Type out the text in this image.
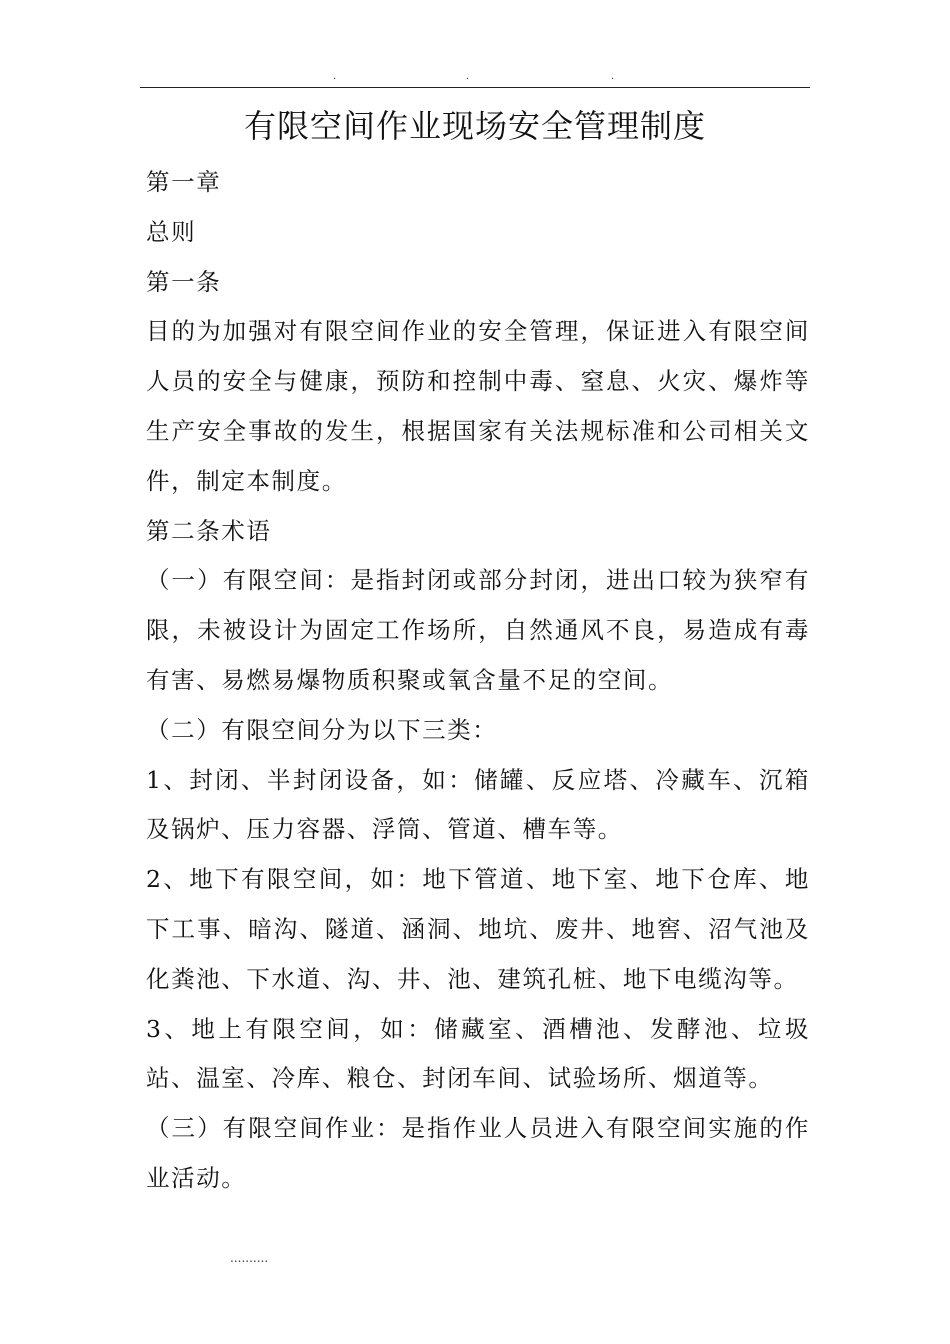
.	.	.
有限空间作业现场安全管理制度

第一章

总则

第一条

目的为加强对有限空间作业的安全管理，保证进入有限空间人员的安全与健康，预防和控制中毒、窒息、火灾、爆炸等生产安全事故的发生，根据国家有关法规标准和公司相关文件，制定本制度。

第二条术语

（一）有限空间：是指封闭或部分封闭，进出口较为狭窄有限，未被设计为固定工作场所，自然通风不良，易造成有毒有害、易燃易爆物质积聚或氧含量不足的空间。

（二）有限空间分为以下三类：

1、封闭、半封闭设备，如：储罐、反应塔、冷藏车、沉箱及锅炉、压力容器、浮筒、管道、槽车等。

2、地下有限空间，如：地下管道、地下室、地下仓库、地下工事、暗沟、隧道、涵洞、地坑、废井、地窖、沼气池及化粪池、下水道、沟、井、池、建筑孔桩、地下电缆沟等。

3、地上有限空间，如：储藏室、酒槽池、发酵池、垃圾站、温室、冷库、粮仓、封闭车间、试验场所、烟道等。

（三）有限空间作业：是指作业人员进入有限空间实施的作业活动。

..........
